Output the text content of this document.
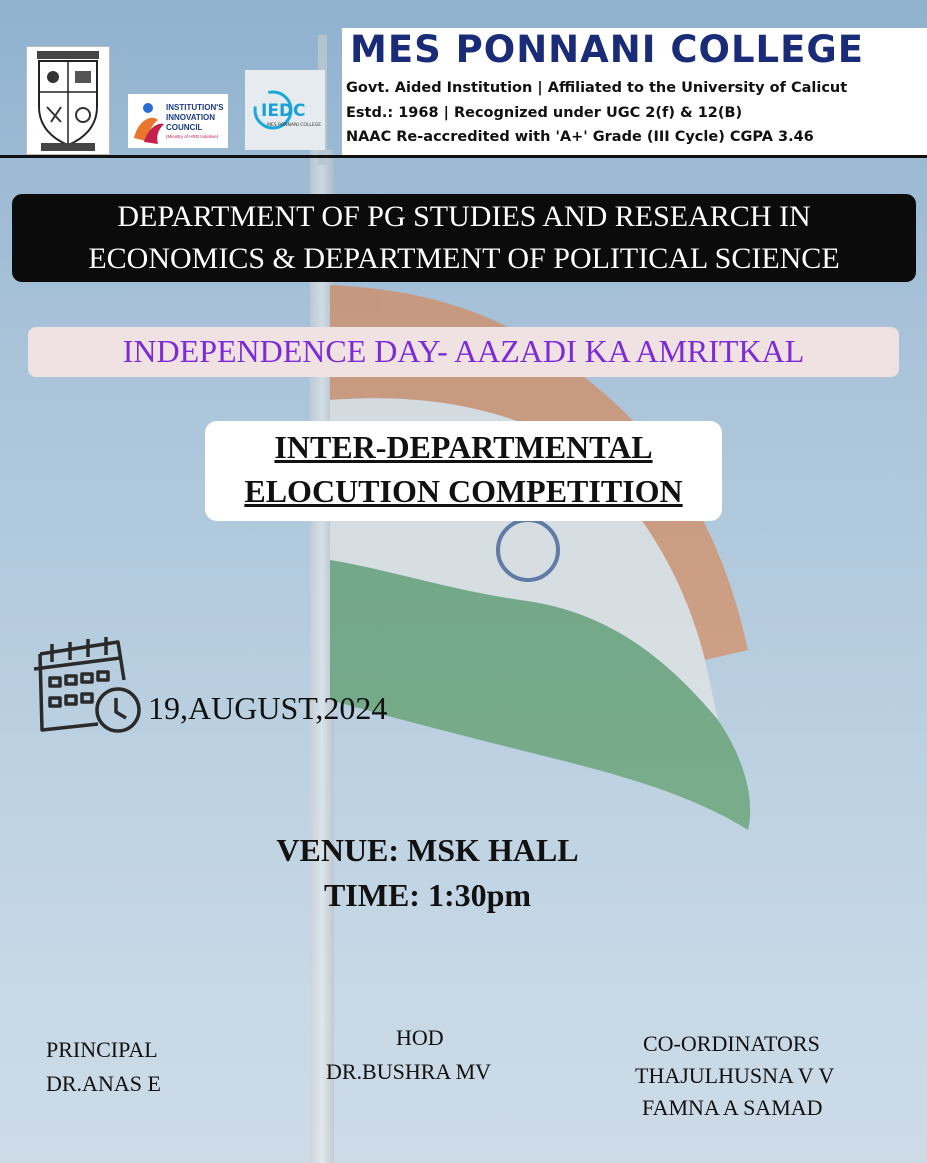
INSTITUTION'S
INNOVATION
COUNCIL
(Ministry of HRD Initiative)
IEDC
MES PONNANI COLLEGE
MES PONNANI COLLEGE
Govt. Aided Institution | Affiliated to the University of Calicut
Estd.: 1968 | Recognized under UGC 2(f) & 12(B)
NAAC Re-accredited with 'A+' Grade (III Cycle) CGPA 3.46
DEPARTMENT OF PG STUDIES AND RESEARCH IN
ECONOMICS & DEPARTMENT OF POLITICAL SCIENCE
INDEPENDENCE DAY- AAZADI KA AMRITKAL
INTER-DEPARTMENTAL
ELOCUTION COMPETITION
19,AUGUST,2024
VENUE: MSK HALL
TIME: 1:30pm
PRINCIPAL
DR.ANAS E
HOD
DR.BUSHRA MV
CO-ORDINATORS
THAJULHUSNA V V
FAMNA A SAMAD
